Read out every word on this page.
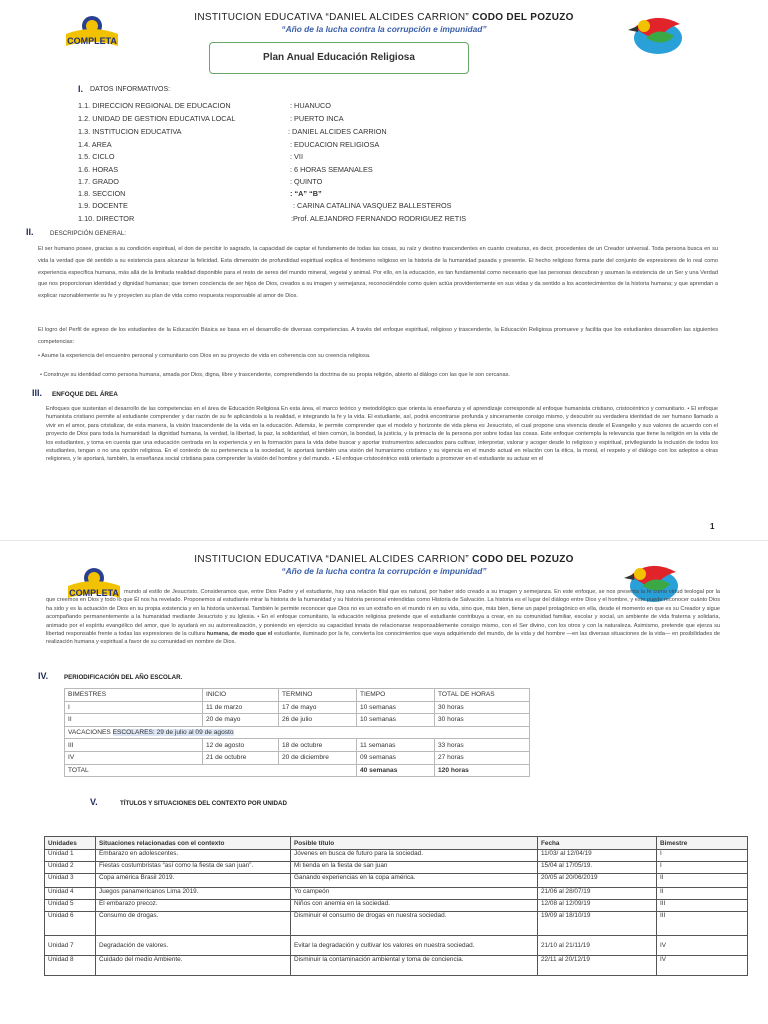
COMPLETA
INSTITUCION EDUCATIVA “DANIEL ALCIDES CARRION” CODO DEL POZUZO
“Año de la lucha contra la corrupción e impunidad”
Plan Anual Educación Religiosa
I. DATOS INFORMATIVOS:
1.1. DIRECCION REGIONAL DE EDUCACION	: HUANUCO
1.2. UNIDAD DE GESTION EDUCATIVA LOCAL	: PUERTO INCA
1.3. INSTITUCION EDUCATIVA	: DANIEL ALCIDES CARRION
1.4. AREA	: EDUCACION RELIGIOSA
1.5. CICLO	: VII
1.6. HORAS	: 6 HORAS SEMANALES
1.7. GRADO	: QUINTO
1.8. SECCION	: “A” “B”
1.9. DOCENTE	: CARINA CATALINA VASQUEZ BALLESTEROS
1.10. DIRECTOR	:Prof. ALEJANDRO FERNANDO RODRIGUEZ RETIS
II.	DESCRIPCIÓN GENERAL:
El ser humano posee, gracias a su condición espiritual, el don de percibir lo sagrado, la capacidad de captar el fundamento de todas las cosas, su raíz y destino trascendentes en cuanto creaturas, es decir, procedentes de un Creador universal. Toda persona busca en su vida la verdad que dé sentido a su existencia para alcanzar la felicidad. Esta dimensión de profundidad espiritual explica el fenómeno religioso en la historia de la humanidad pasada y presente. El hecho religioso forma parte del conjunto de expresiones de lo real como experiencia específica humana, más allá de la limitada realidad disponible para el resto de seres del mundo mineral, vegetal y animal. Por ello, en la educación, es tan fundamental como necesario que las personas descubran y asuman la existencia de un Ser y una Verdad que nos proporcionan identidad y dignidad humanas; que tomen conciencia de ser hijos de Dios, creados a su imagen y semejanza, reconociéndole como quien actúa providentemente en sus vidas y da sentido a los acontecimientos de la historia humana; y que aprendan a explicar razonablemente su fe y proyecten su plan de vida como respuesta responsable al amor de Dios.
El logro del Perfil de egreso de los estudiantes de la Educación Básica se basa en el desarrollo de diversas competencias. A través del enfoque espiritual, religioso y trascendente, la Educación Religiosa promueve y facilita que los estudiantes desarrollen las siguientes competencias:
• Asume la experiencia del encuentro personal y comunitario con Dios en su proyecto de vida en coherencia con su creencia religiosa.
• Construye su identidad como persona humana, amada por Dios, digna, libre y trascendente, comprendiendo la doctrina de su propia religión, abierto al diálogo con las que le son cercanas.
III. ENFOQUE DEL ÁREA
Enfoques que sustentan el desarrollo de las competencias en el área de Educación Religiosa En esta área, el marco teórico y metodológico que orienta la enseñanza y el aprendizaje corresponde al enfoque humanista cristiano, cristocéntrico y comunitario. • El enfoque humanista cristiano permite al estudiante comprender y dar razón de su fe aplicándola a la realidad, e integrando la fe y la vida. El estudiante, así, podrá encontrarse profunda y sinceramente consigo mismo, y descubrir su verdadera identidad de ser humano llamado a vivir en el amor, para cristalizar, de esta manera, la visión trascendente de la vida en la educación. Además, le permite comprender que el modelo y horizonte de vida plena es Jesucristo, el cual propone una vivencia desde el Evangelio y sus valores de acuerdo con el proyecto de Dios para toda la humanidad: la dignidad humana, la verdad, la libertad, la paz, la solidaridad, el bien común, la bondad, la justicia, y la primacía de la persona por sobre todas las cosas. Este enfoque contempla la relevancia que tiene la religión en la vida de los estudiantes, y toma en cuenta que una educación centrada en la experiencia y en la formación para la vida debe buscar y aportar instrumentos adecuados para cultivar, interpretar, valorar y acoger desde lo religioso y espiritual, privilegiando la inclusión de todos los estudiantes, tengan o no una opción religiosa. En el contexto de su pertenencia a la sociedad, le aportará también una visión del humanismo cristiano y su vigencia en el mundo actual en relación con la ética, la moral, el respeto y el diálogo con los adeptos a otras religiones, y le aportará, también, la enseñanza social cristiana para comprender la visión del hombre y del mundo. • El enfoque cristocéntrico está orientado a promover en el estudiante su actuar en el
1
COMPLETA
INSTITUCION EDUCATIVA “DANIEL ALCIDES CARRION” CODO DEL POZUZO
“Año de la lucha contra la corrupción e impunidad”
mundo al estilo de Jesucristo. Consideramos que, entre Dios Padre y el estudiante, hay una relación filial que es natural, por haber sido creado a su imagen y semejanza. En este enfoque, se nos presenta la fe como virtud teologal por la que creemos en Dios y todo lo que Él nos ha revelado. Proponemos al estudiante mirar la historia de la humanidad y su historia personal entendidas como Historia de Salvación. La historia es el lugar del diálogo entre Dios y el hombre, y este puede reconocer cuánto Dios ha sido y es la actuación de Dios en su propia existencia y en la historia universal. También le permite reconocer que Dios no es un extraño en el mundo ni en su vida, sino que, más bien, tiene un papel protagónico en ella, desde el momento en que es su Creador y sigue acompañando permanentemente a la humanidad mediante Jesucristo y su Iglesia. • En el enfoque comunitario, la educación religiosa pretende que el estudiante contribuya a crear, en su comunidad familiar, escolar y social, un ambiente de vida fraterna y solidaria, animado por el espíritu evangélico del amor, que lo ayudará en su autorrealización, y poniendo en ejercicio su capacidad innata de relacionarse responsablemente consigo mismo, con el Ser divino, con los otros y con la naturaleza. Asimismo, pretende que ejerza su libertad responsable frente a todas las expresiones de la cultura humana, de modo que el estudiante, iluminado por la fe, convierta los conocimientos que vaya adquiriendo del mundo, de la vida y del hombre —en las diversas situaciones de la vida— en posibilidades de realización humana y espiritual a favor de su comunidad en nombre de Dios.
IV.	PERIODIFICACIÓN DEL AÑO ESCOLAR.
BIMESTRES	INICIO	TERMINO	TIEMPO	TOTAL DE HORAS
I	11 de marzo	17 de mayo	10 semanas	30 horas
II	20 de mayo	26 de julio	10 semanas	30 horas
VACACIONES ESCOLARES: 29 de julio al 09 de agosto				
III	12 de agosto	18 de octubre	11 semanas	33 horas
IV	21 de octubre	20 de diciembre	09 semanas	27 horas
TOTAL			40 semanas	120 horas
V.	TÍTULOS Y SITUACIONES DEL CONTEXTO POR UNIDAD
Unidades	Situaciones relacionadas con el contexto	Posible título	Fecha	Bimestre
Unidad 1	Embarazo en adolescentes.	Jóvenes en busca de futuro para la sociedad.	11/03/ al 12/04/19	I
Unidad 2	Fiestas costumbristas “así como la fiesta de san juan”.	Mi tienda en la fiesta de san juan	15/04 al 17/05/19.	I
Unidad 3	Copa américa Brasil 2019.	Ganando experiencias en la copa américa.	20/05 al 20/06/2019	II
Unidad 4	Juegos panamericanos Lima 2019.	Yo campeón	21/06 al 28/07/19	II
Unidad 5	El embarazo precoz.	Niños con anemia en la sociedad.	12/08 al 12/09/19	III
Unidad 6	Consumo de drogas.	Disminuir el consumo de drogas en nuestra sociedad.	19/09 al 18/10/19	III
Unidad 7	Degradación de valores.	Evitar la degradación y cultivar los valores en nuestra sociedad.	21/10 al 21/11/19	IV
Unidad 8	Cuidado del medio Ambiente.	Disminuir la contaminación ambiental y toma de conciencia.	22/11 al 20/12/19	IV
